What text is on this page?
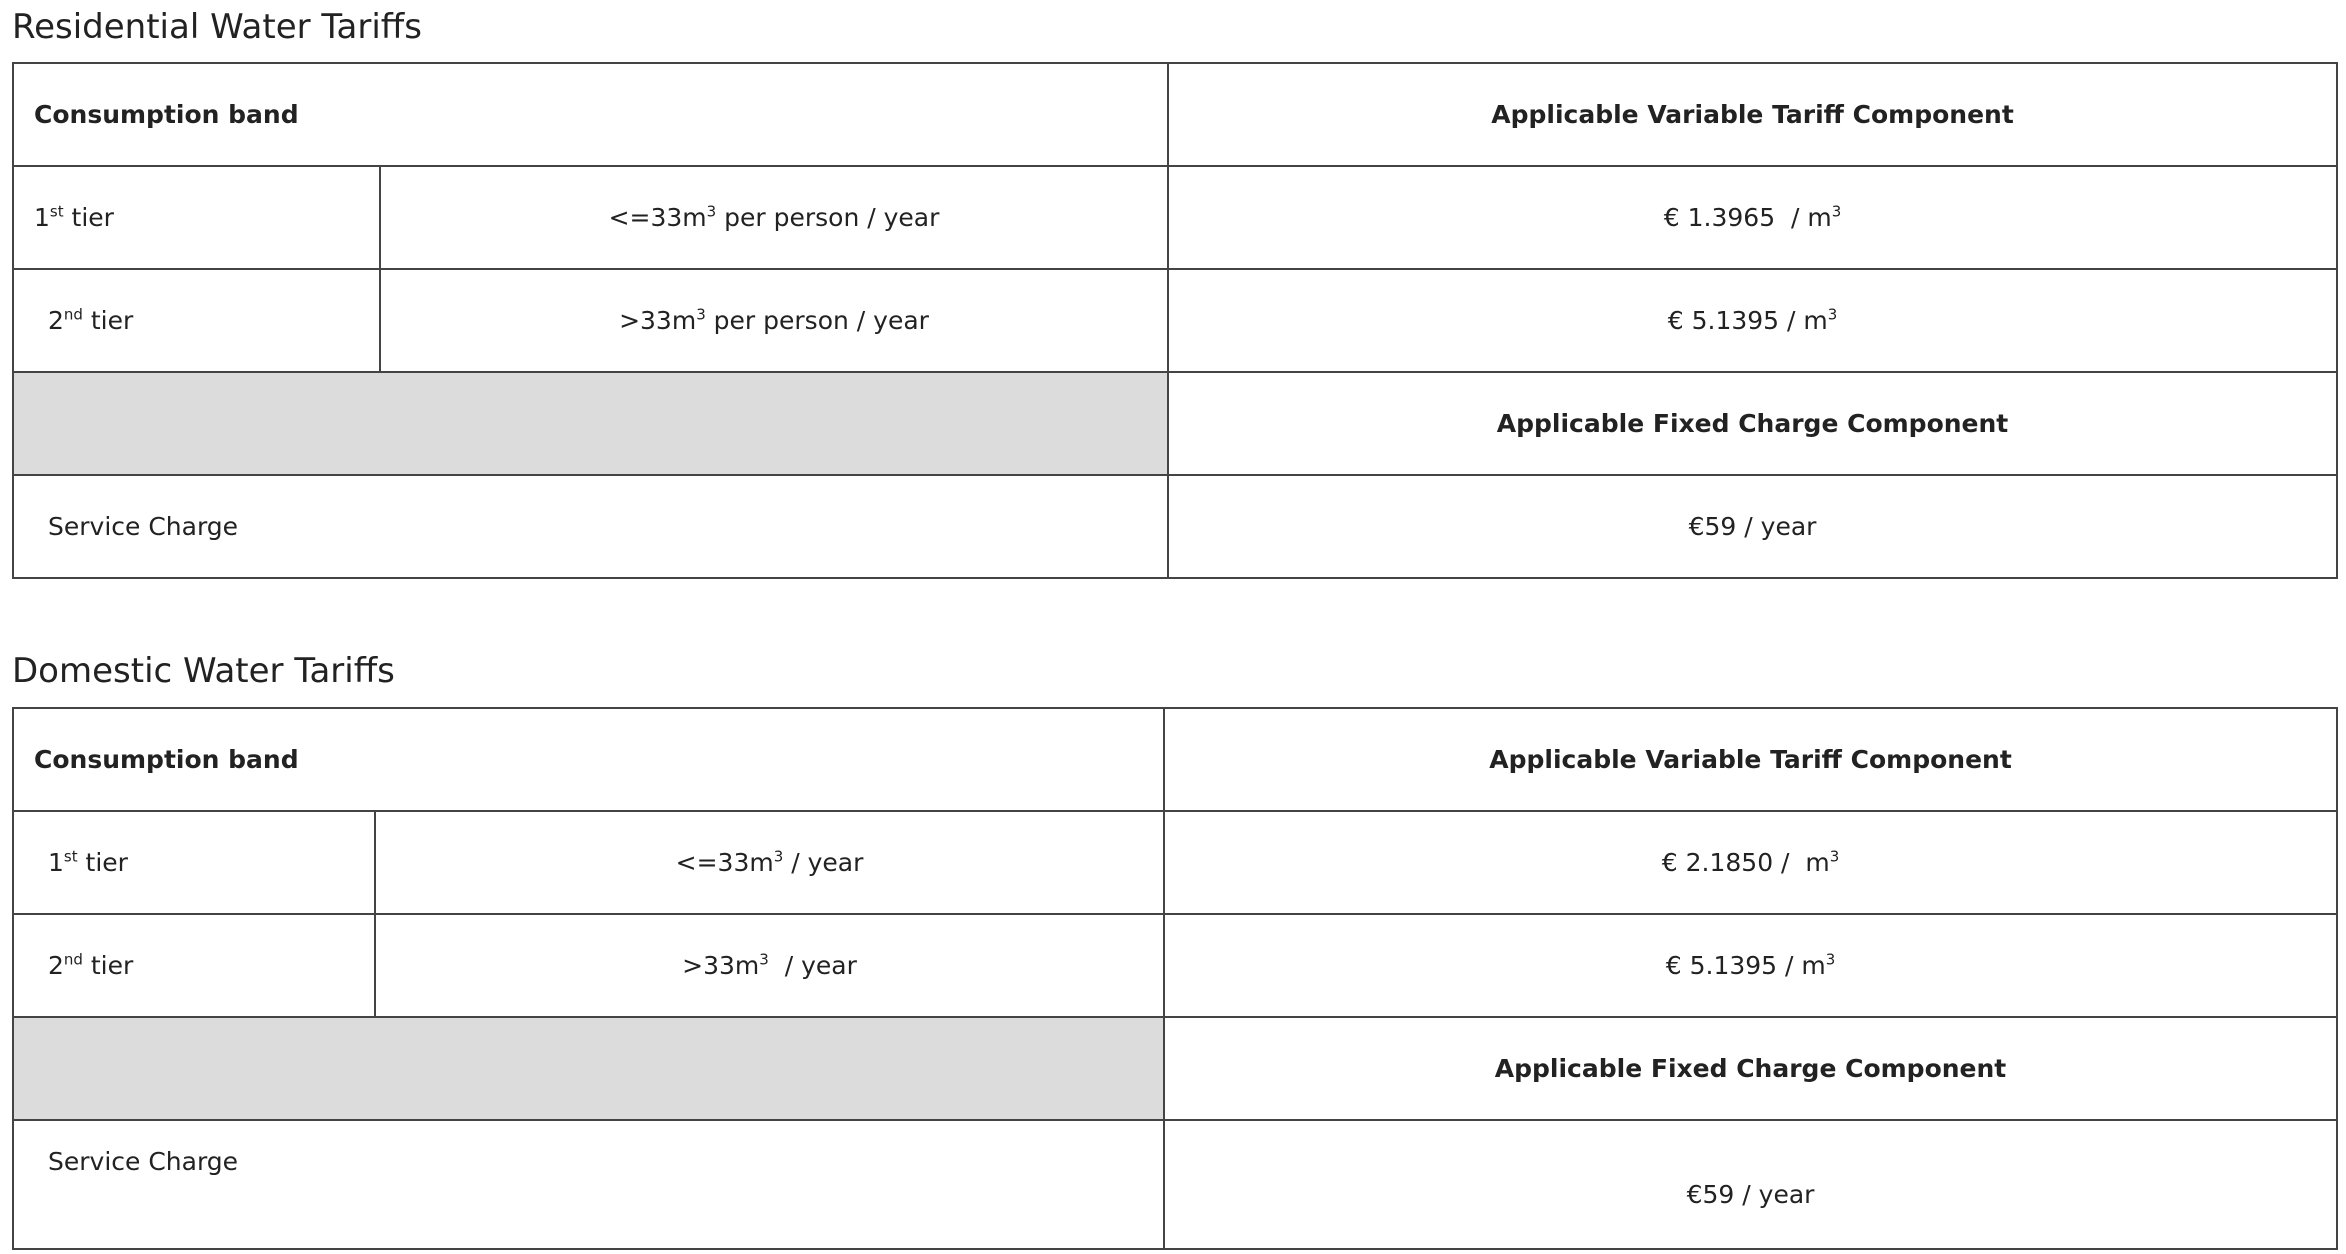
Residential Water Tariffs
Consumption band		Applicable Variable Tariff Component
1st tier	$<=33m^3$ per person / year	€ $1.3965 / m^3$
2nd tier	$>33m^3$ per person / year	€ $5.1395 / m^3$
		Applicable Fixed Charge Component
Service Charge		€59 / year
Domestic Water Tariffs
Consumption band		Applicable Variable Tariff Component
1st tier	$<=33m^3$ / year	€ $2.1850 / m^3$
2nd tier	$>33m^3$  / year	€ $5.1395 / m^3$
		Applicable Fixed Charge Component
Service Charge		€59 / year
